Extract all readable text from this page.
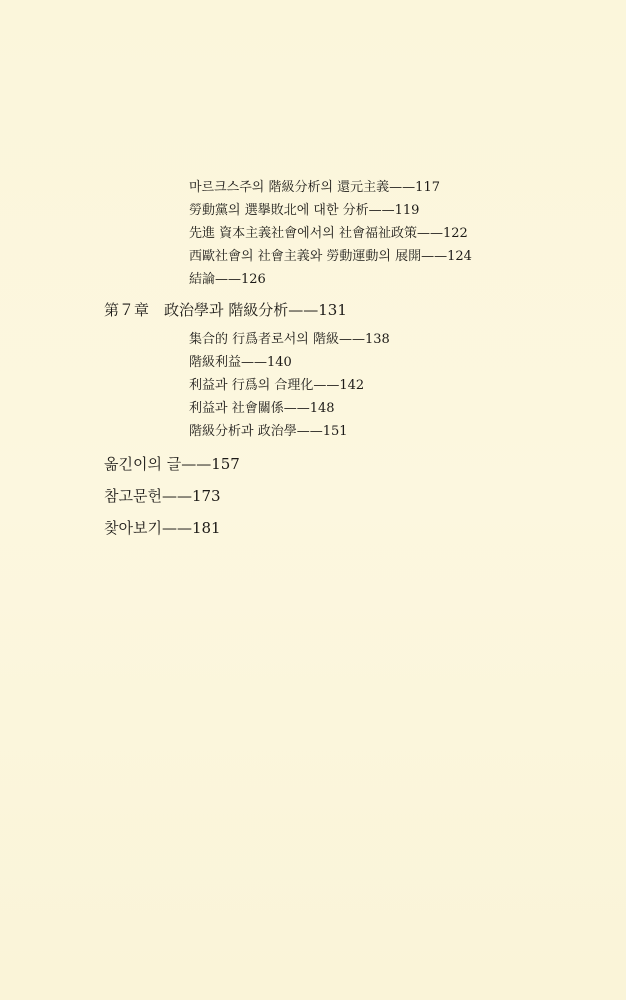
마르크스주의 階級分析의 還元主義——117
勞動黨의 選擧敗北에 대한 分析——119
先進 資本主義社會에서의 社會福祉政策——122
西歐社會의 社會主義와 勞動運動의 展開——124
結論——126
第７章　政治學과 階級分析——131
集合的 行爲者로서의 階級——138
階級利益——140
利益과 行爲의 合理化——142
利益과 社會關係——148
階級分析과 政治學——151
옮긴이의 글——157
참고문헌——173
찾아보기——181
